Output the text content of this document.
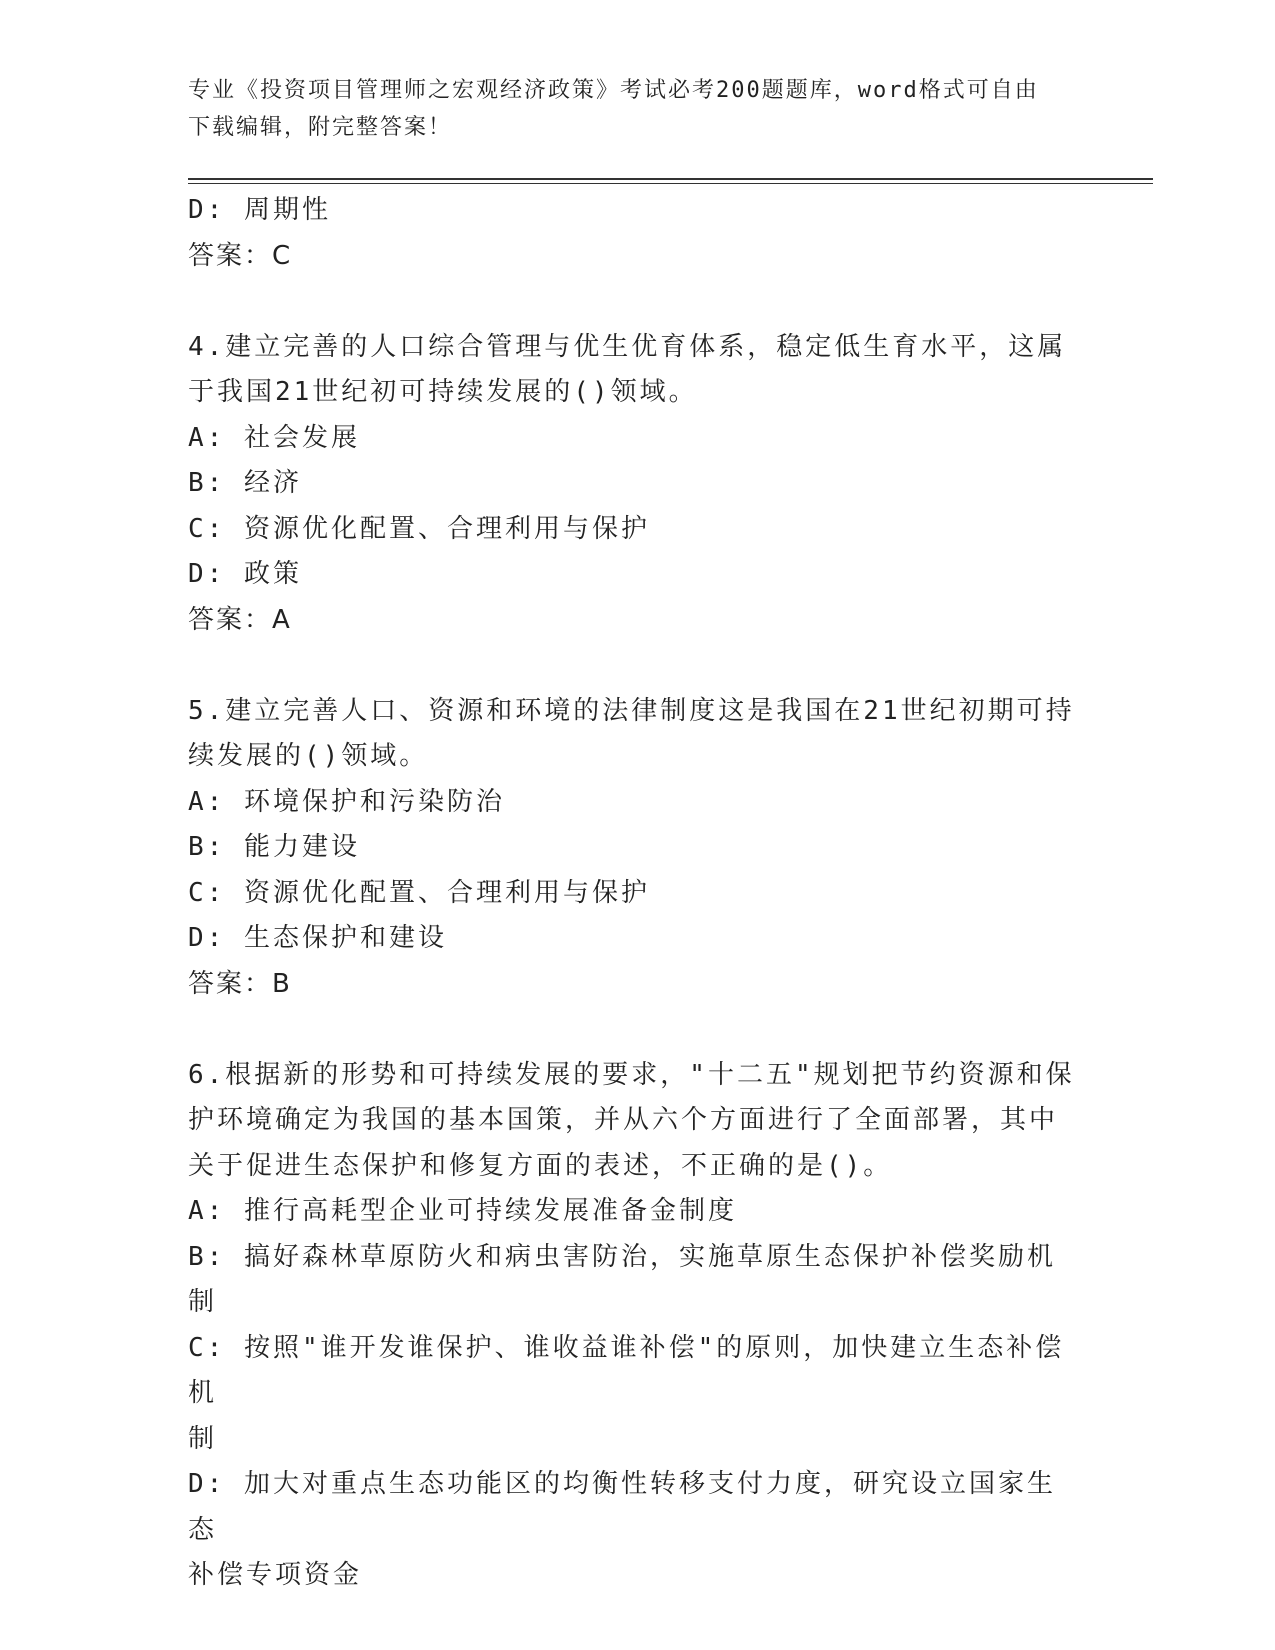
专业《投资项目管理师之宏观经济政策》考试必考200题题库，word格式可自由
下载编辑，附完整答案！

D: 周期性

答案：C

4.建立完善的人口综合管理与优生优育体系，稳定低生育水平，这属

于我国21世纪初可持续发展的()领域。

A: 社会发展

B: 经济

C: 资源优化配置、合理利用与保护

D: 政策

答案：A

5.建立完善人口、资源和环境的法律制度这是我国在21世纪初期可持

续发展的()领域。

A: 环境保护和污染防治

B: 能力建设

C: 资源优化配置、合理利用与保护

D: 生态保护和建设

答案：B

6.根据新的形势和可持续发展的要求，"十二五"规划把节约资源和保

护环境确定为我国的基本国策，并从六个方面进行了全面部署，其中

关于促进生态保护和修复方面的表述，不正确的是()。

A: 推行高耗型企业可持续发展准备金制度

B: 搞好森林草原防火和病虫害防治，实施草原生态保护补偿奖励机制

C: 按照"谁开发谁保护、谁收益谁补偿"的原则，加快建立生态补偿机

制

D: 加大对重点生态功能区的均衡性转移支付力度，研究设立国家生态

补偿专项资金
